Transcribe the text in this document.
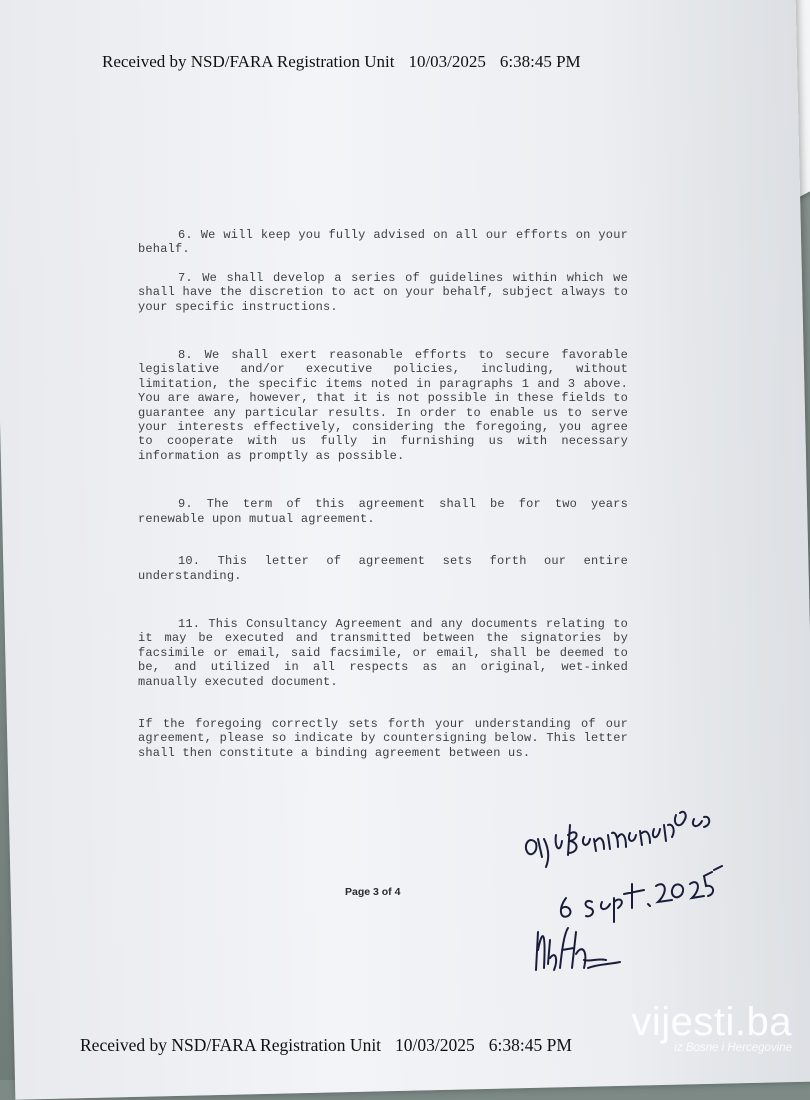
Received by NSD/FARA Registration Unit 10/03/2025 6:38:45 PM

6. We will keep you fully advised on all our efforts on your behalf.

7. We shall develop a series of guidelines within which we shall have the discretion to act on your behalf, subject always to your specific instructions.

8. We shall exert reasonable efforts to secure favorable legislative and/or executive policies, including, without limitation, the specific items noted in paragraphs 1 and 3 above. You are aware, however, that it is not possible in these fields to guarantee any particular results. In order to enable us to serve your interests effectively, considering the foregoing, you agree to cooperate with us fully in furnishing us with necessary information as promptly as possible.

9. The term of this agreement shall be for two years renewable upon mutual agreement.

10. This letter of agreement sets forth our entire understanding.

11. This Consultancy Agreement and any documents relating to it may be executed and transmitted between the signatories by facsimile or email, said facsimile, or email, shall be deemed to be, and utilized in all respects as an original, wet-inked manually executed document.

If the foregoing correctly sets forth your understanding of our agreement, please so indicate by countersigning below. This letter shall then constitute a binding agreement between us.

Page 3 of 4
Received by NSD/FARA Registration Unit 10/03/2025 6:38:45 PM
vijesti.ba
iz Bosne i Hercegovine
